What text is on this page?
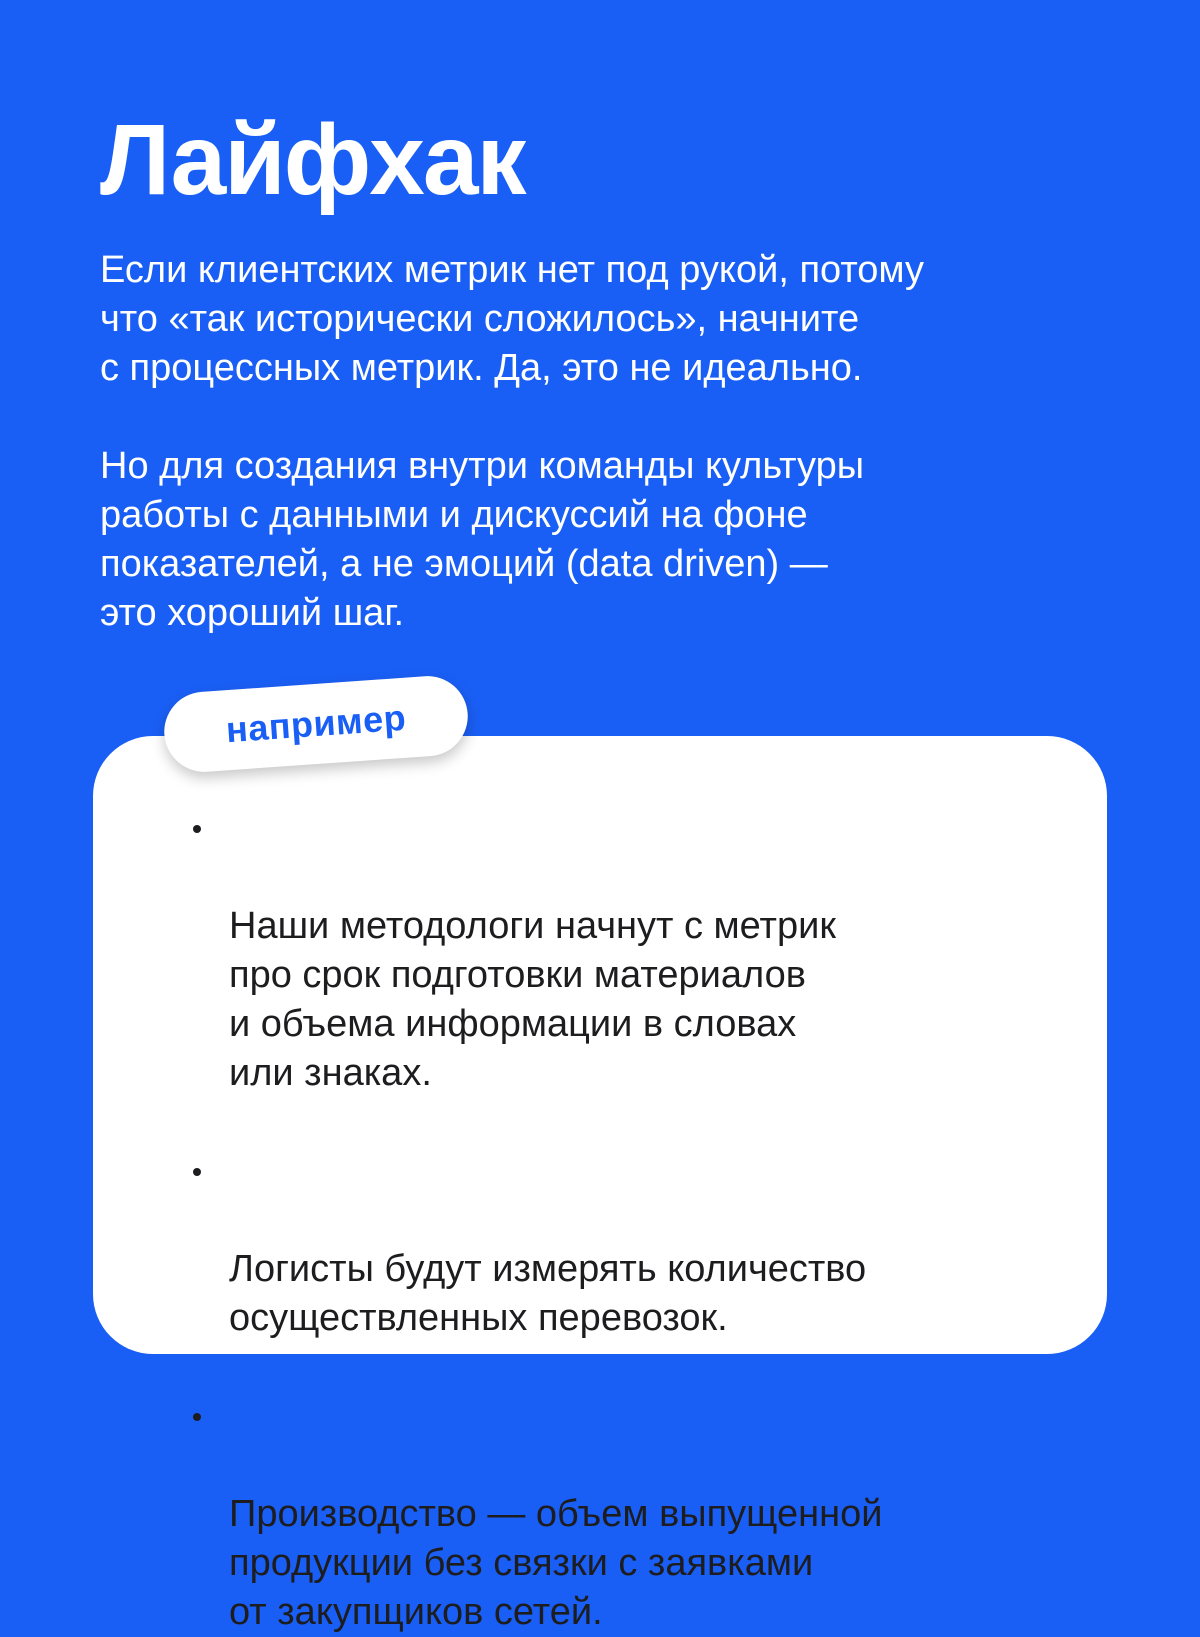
Лайфхак

Если клиентских метрик нет под рукой, потому
что «так исторически сложилось», начните
с процессных метрик. Да, это не идеально.

Но для создания внутри команды культуры
работы с данными и дискуссий на фоне
показателей, а не эмоций (data driven) —
это хороший шаг.

например

Наши методологи начнут с метрик
про срок подготовки материалов
и объема информации в словах
или знаках.

Логисты будут измерять количество
осуществленных перевозок.

Производство — объем выпущенной
продукции без связки с заявками
от закупщиков сетей.
